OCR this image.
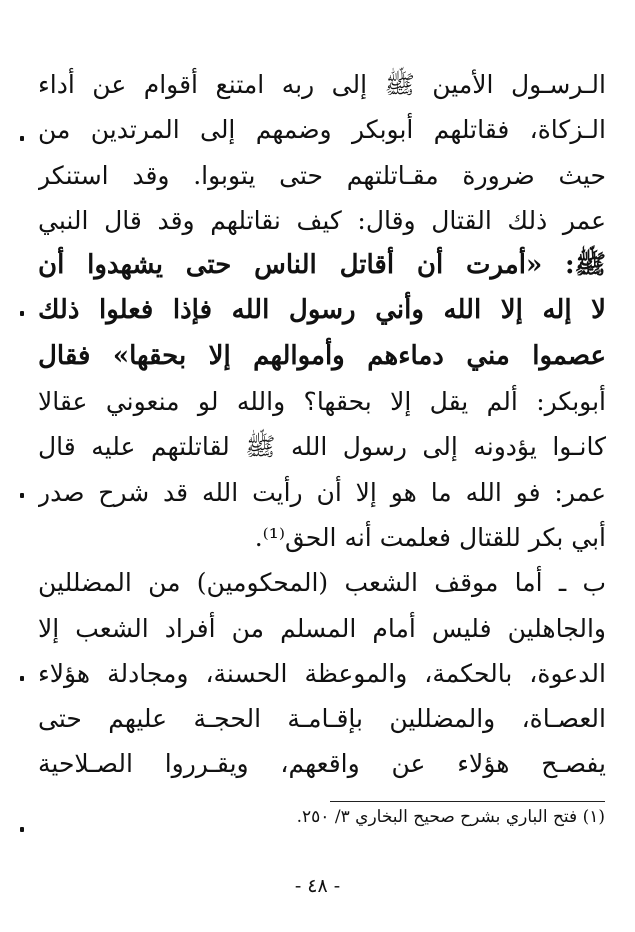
الـرسـول الأمين ﷺ إلى ربه امتنع أقوام عن أداء
الـزكاة، فقاتلهم أبوبكر وضمهم إلى المرتدين من
حيث ضرورة مقـاتلتهم حتى يتوبوا. وقد استنكر
عمر ذلك القتال وقال: كيف نقاتلهم وقد قال النبي
ﷺ: «أمرت أن أقاتل الناس حتى يشهدوا أن
لا إله إلا الله وأني رسول الله فإذا فعلوا ذلك
عصموا مني دماءهم وأموالهم إلا بحقها» فقال
أبوبكر: ألم يقل إلا بحقها؟ والله لو منعوني عقالا
كانـوا يؤدونه إلى رسول الله ﷺ لقاتلتهم عليه قال
عمر: فو الله ما هو إلا أن رأيت الله قد شرح صدر
أبي بكر للقتال فعلمت أنه الحق⁽¹⁾.
ب ـ أما موقف الشعب (المحكومين) من المضللين
والجاهلين فليس أمام المسلم من أفراد الشعب إلا
الدعوة، بالحكمة، والموعظة الحسنة، ومجادلة هؤلاء
العصـاة، والمضللين بإقـامـة الحجـة عليهم حتى
يفصـح هؤلاء عن واقعهم، ويقـرروا الصـلاحية
(١) فتح الباري بشرح صحيح البخاري ٣/ ٢٥٠.
- ٤٨ -
